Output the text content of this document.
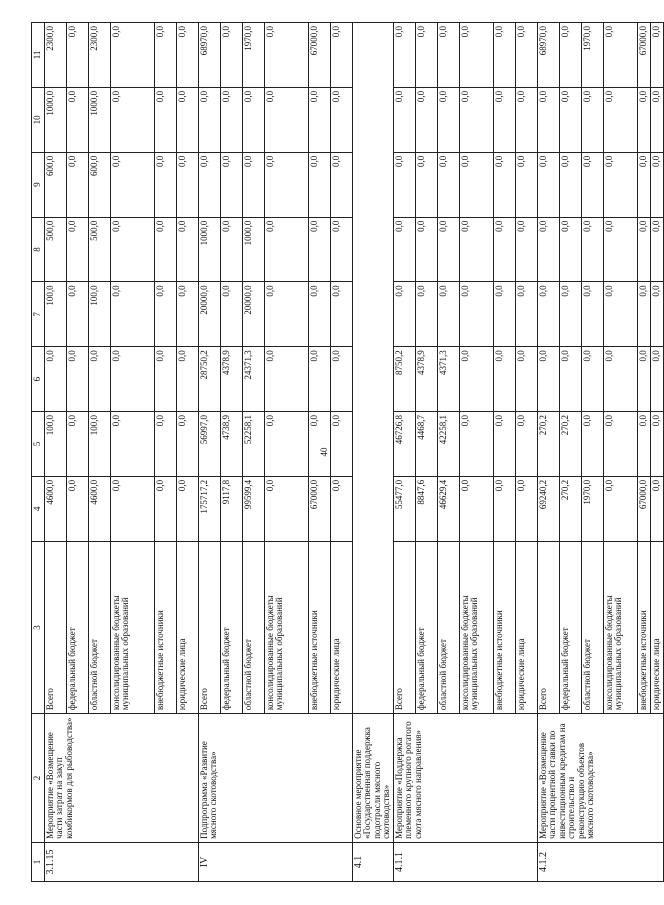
40
1	2	3	4	5	6	7	8	9	10	11
3.1.15	Мероприятие «Возмещение части затрат на закуп комбикормов для рыбоводства»	Всего	4600,0	100,0	0,0	100,0	500,0	600,0	1000,0	2300,0
		федеральный бюджет	0,0	0,0	0,0	0,0	0,0	0,0	0,0	0,0
		областной бюджет	4600,0	100,0	0,0	100,0	500,0	600,0	1000,0	2300,0
		консолидированные бюджеты муниципальных образований	0,0	0,0	0,0	0,0	0,0	0,0	0,0	0,0
		внебюджетные источники	0,0	0,0	0,0	0,0	0,0	0,0	0,0	0,0
		юридические лица	0,0	0,0	0,0	0,0	0,0	0,0	0,0	0,0
IV	Подпрограмма «Развитие мясного скотоводства»	Всего	175717,2	56997,0	28750,2	20000,0	1000,0	0,0	0,0	68970,0
		федеральный бюджет	9117,8	4738,9	4378,9	0,0	0,0	0,0	0,0	0,0
		областной бюджет	99599,4	52258,1	24371,3	20000,0	1000,0	0,0	0,0	1970,0
		консолидированные бюджеты муниципальных образований	0,0	0,0	0,0	0,0	0,0	0,0	0,0	0,0
		внебюджетные источники	67000,0	0,0	0,0	0,0	0,0	0,0	0,0	67000,0
		юридические лица	0,0	0,0	0,0	0,0	0,0	0,0	0,0	0,0
4.1	Основное мероприятие «Государственная поддержка подотрасли мясного скотоводства»									
4.1.1	Мероприятие «Поддержка племенного крупного рогатого скота мясного направления»	Всего	55477,0	46726,8	8750,2	0,0	0,0	0,0	0,0	0,0
		федеральный бюджет	8847,6	4468,7	4378,9	0,0	0,0	0,0	0,0	0,0
		областной бюджет	46629,4	42258,1	4371,3	0,0	0,0	0,0	0,0	0,0
		консолидированные бюджеты муниципальных образований	0,0	0,0	0,0	0,0	0,0	0,0	0,0	0,0
		внебюджетные источники	0,0	0,0	0,0	0,0	0,0	0,0	0,0	0,0
		юридические лица	0,0	0,0	0,0	0,0	0,0	0,0	0,0	0,0
4.1.2	Мероприятие «Возмещение части процентной ставки по инвестиционным кредитам на строительство и реконструкцию объектов мясного скотоводства»	Всего	69240,2	270,2	0,0	0,0	0,0	0,0	0,0	68970,0
		федеральный бюджет	270,2	270,2	0,0	0,0	0,0	0,0	0,0	0,0
		областной бюджет	1970,0	0,0	0,0	0,0	0,0	0,0	0,0	1970,0
		консолидированные бюджеты муниципальных образований	0,0	0,0	0,0	0,0	0,0	0,0	0,0	0,0
		внебюджетные источники	67000,0	0,0	0,0	0,0	0,0	0,0	0,0	67000,0
		юридические лица	0,0	0,0	0,0	0,0	0,0	0,0	0,0	0,0
